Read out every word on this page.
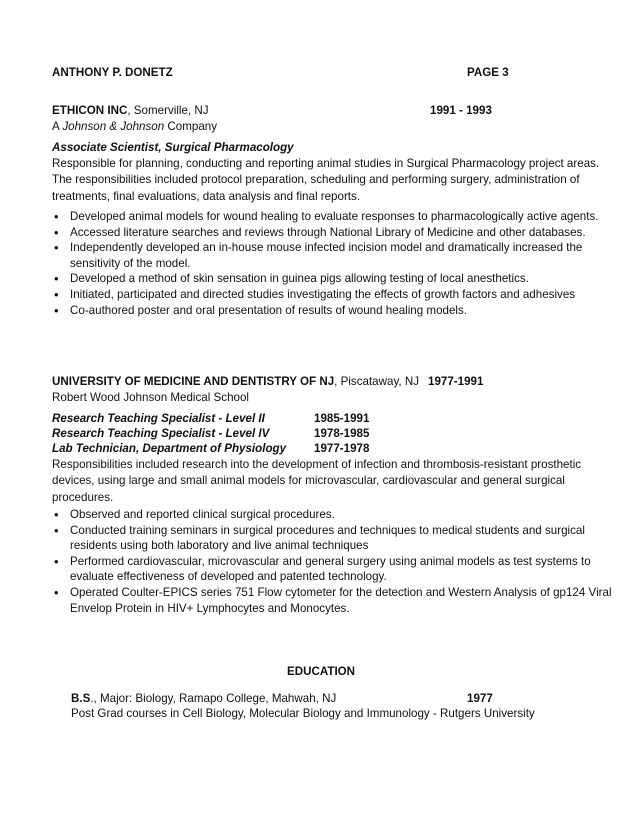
ANTHONY P. DONETZ	PAGE 3
ETHICON INC, Somerville, NJ	1991 - 1993
A Johnson & Johnson Company
Associate Scientist, Surgical Pharmacology
Responsible for planning, conducting and reporting animal studies in Surgical Pharmacology project areas. The responsibilities included protocol preparation, scheduling and performing surgery, administration of treatments, final evaluations, data analysis and final reports.
• Developed animal models for wound healing to evaluate responses to pharmacologically active agents.
• Accessed literature searches and reviews through National Library of Medicine and other databases.
• Independently developed an in-house mouse infected incision model and dramatically increased the sensitivity of the model.
• Developed a method of skin sensation in guinea pigs allowing testing of local anesthetics.
• Initiated, participated and directed studies investigating the effects of growth factors and adhesives
• Co-authored poster and oral presentation of results of wound healing models.
UNIVERSITY OF MEDICINE AND DENTISTRY OF NJ, Piscataway, NJ 1977-1991
Robert Wood Johnson Medical School
Research Teaching Specialist - Level II	1985-1991
Research Teaching Specialist - Level IV	1978-1985
Lab Technician, Department of Physiology 1977-1978
Responsibilities included research into the development of infection and thrombosis-resistant prosthetic devices, using large and small animal models for microvascular, cardiovascular and general surgical procedures.
• Observed and reported clinical surgical procedures.
• Conducted training seminars in surgical procedures and techniques to medical students and surgical residents using both laboratory and live animal techniques
• Performed cardiovascular, microvascular and general surgery using animal models as test systems to evaluate effectiveness of developed and patented technology.
• Operated Coulter-EPICS series 751 Flow cytometer for the detection and Western Analysis of gp124 Viral Envelop Protein in HIV+ Lymphocytes and Monocytes.
EDUCATION
B.S., Major: Biology, Ramapo College, Mahwah, NJ	1977
Post Grad courses in Cell Biology, Molecular Biology and Immunology - Rutgers University
